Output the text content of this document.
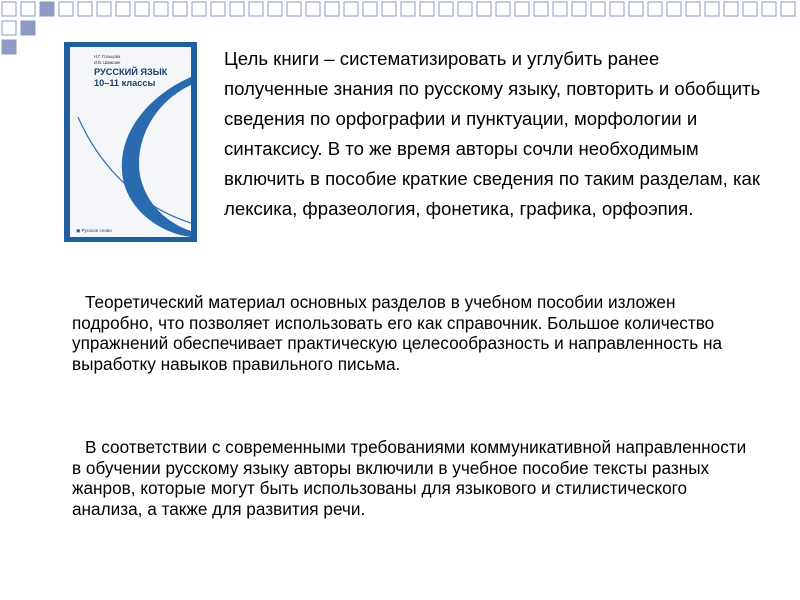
Н.Г. Гольцова
И.В. Шамшин
РУССКИЙ ЯЗЫК
10–11 классы
▣ Русское слово

Цель книги – систематизировать и углубить ранее полученные знания по русскому языку, повторить и обобщить сведения по орфографии и пунктуации, морфологии и синтаксису. В то же время авторы сочли необходимым включить в пособие краткие сведения по таким разделам, как лексика, фразеология, фонетика, графика, орфоэпия.

Теоретический материал основных разделов в учебном пособии изложен подробно, что позволяет использовать его как справочник. Большое количество упражнений обеспечивает практическую целесообразность и направленность на выработку навыков правильного письма.

В соответствии с современными требованиями коммуникативной направленности в обучении русскому языку авторы включили в учебное пособие тексты разных жанров, которые могут быть использованы для языкового и стилистического анализа, а также для развития речи.
